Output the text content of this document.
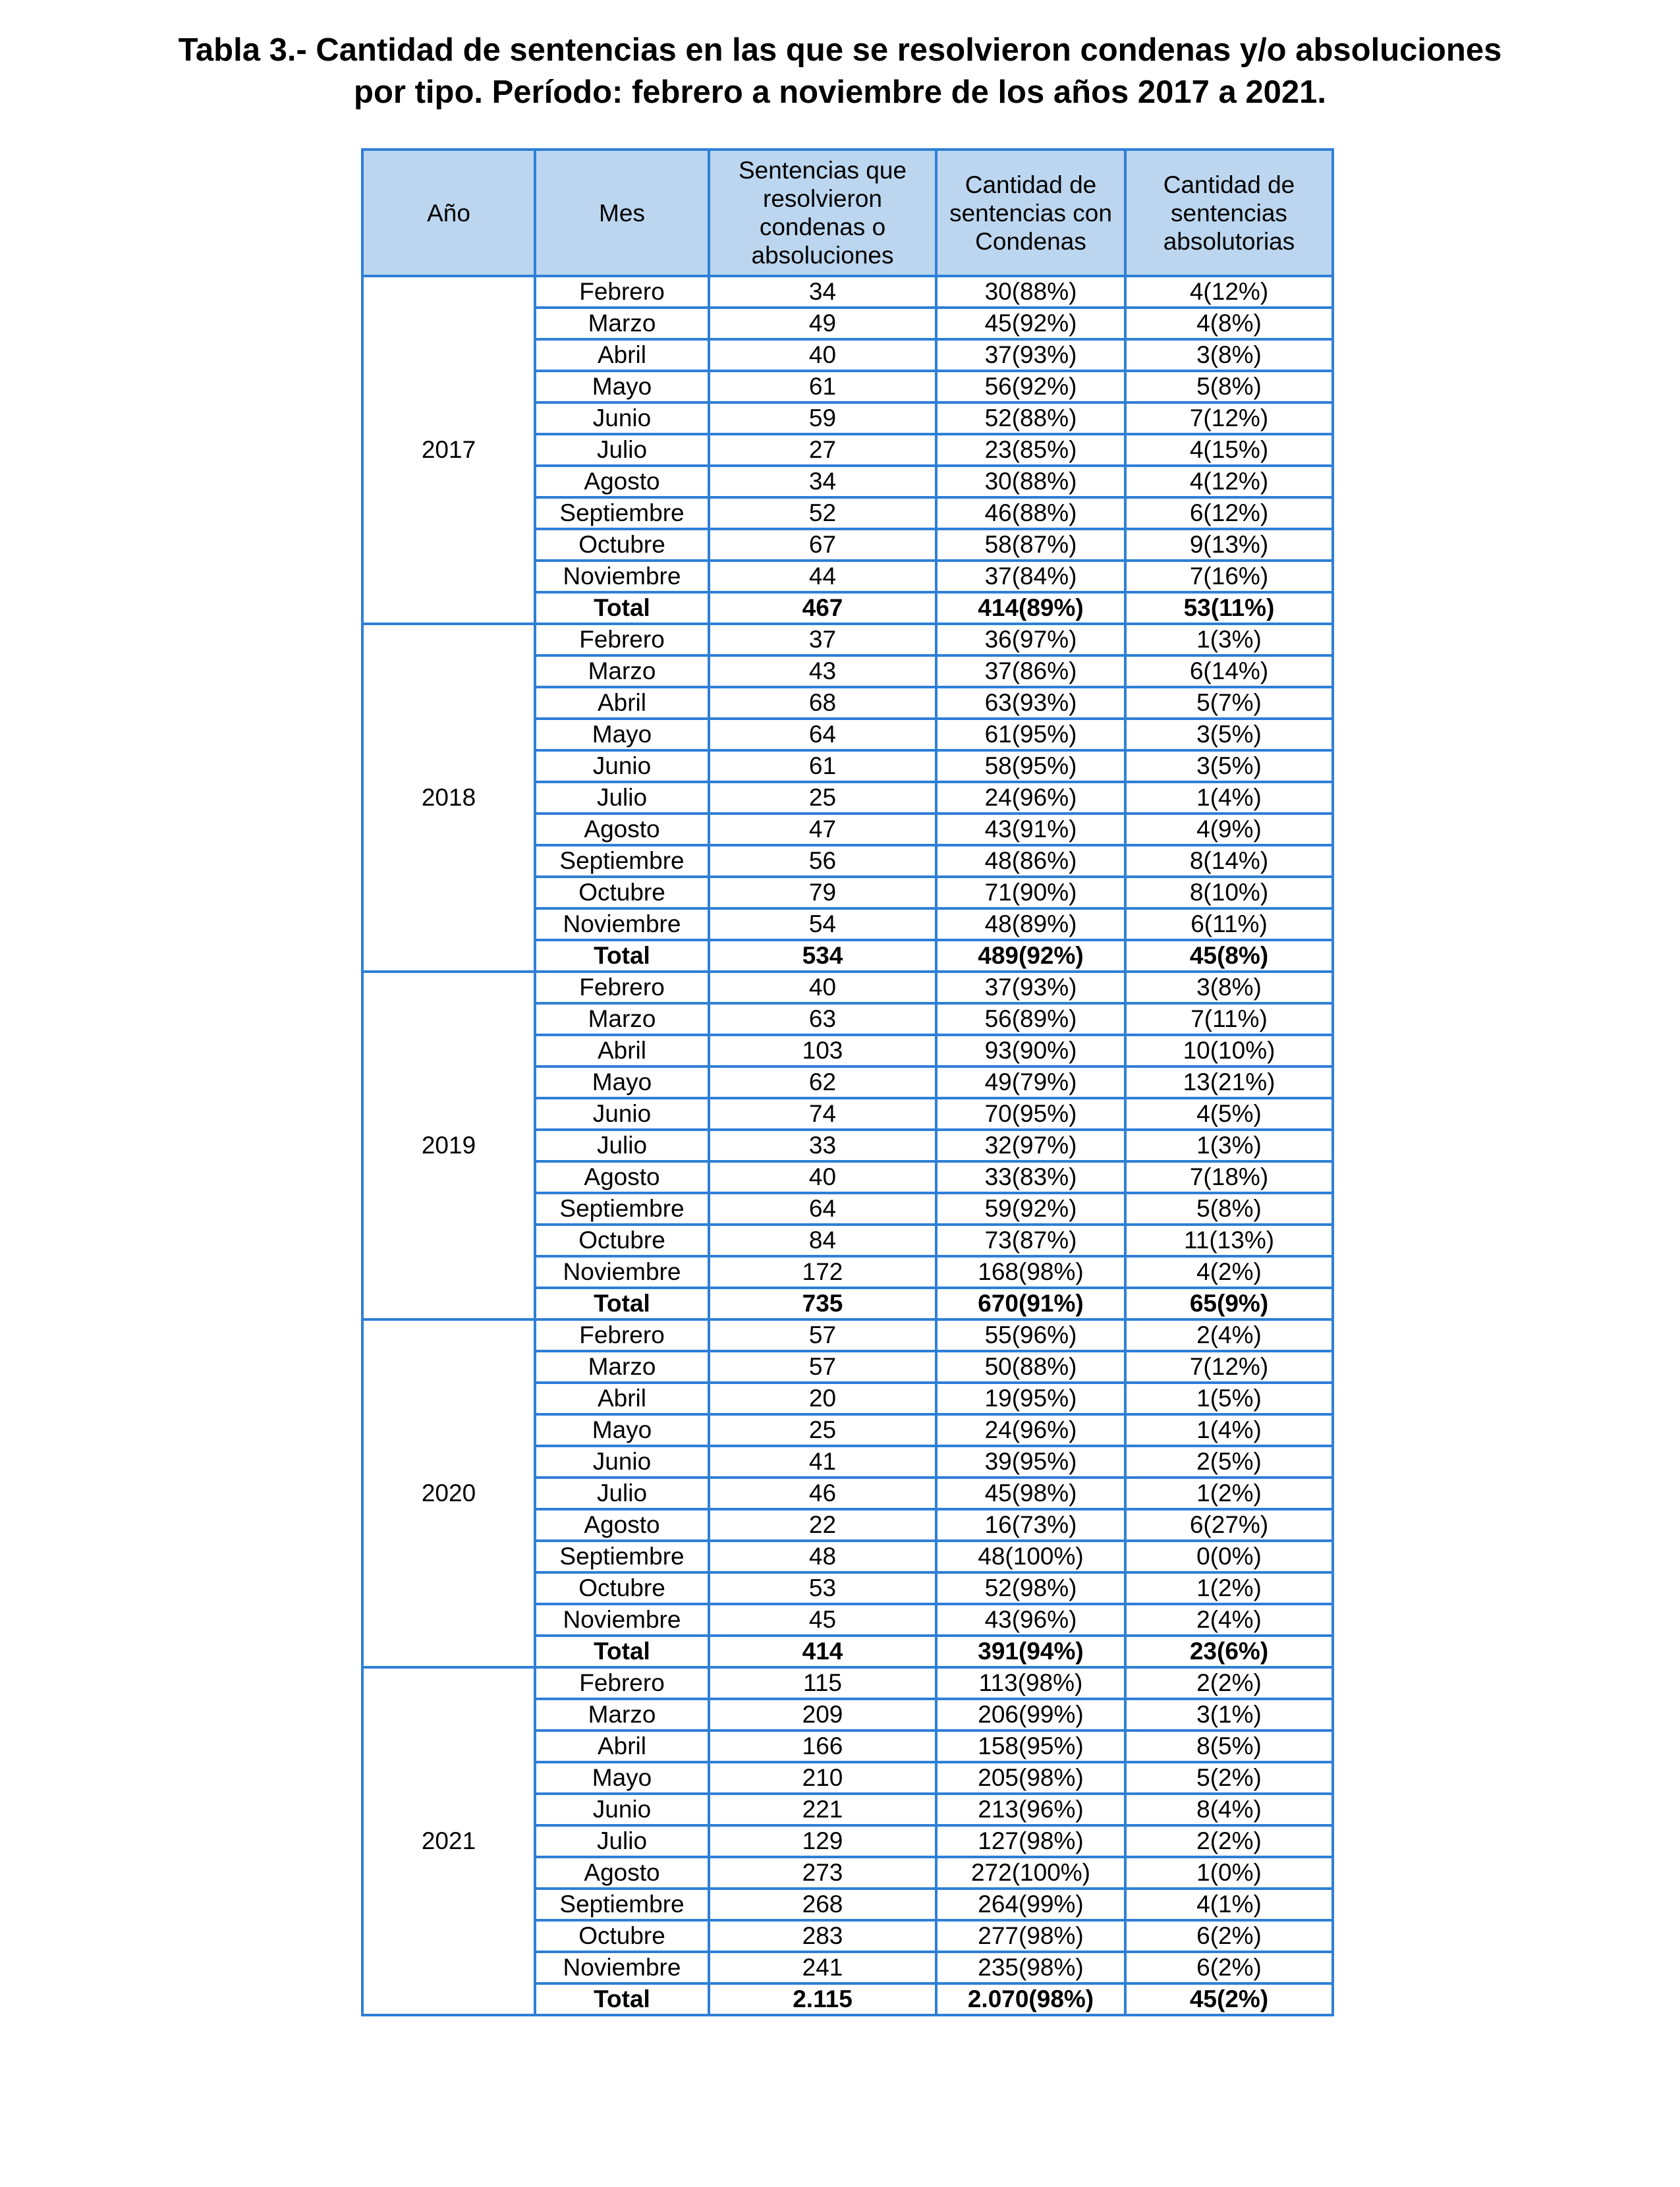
Tabla 3.- Cantidad de sentencias en las que se resolvieron condenas y/o absoluciones
por tipo. Período: febrero a noviembre de los años 2017 a 2021.
Año	Mes	Sentencias que resolvieron condenas o absoluciones	Cantidad de sentencias con Condenas	Cantidad de sentencias absolutorias
2017	Febrero	34	30(88%)	4(12%)
	Marzo	49	45(92%)	4(8%)
	Abril	40	37(93%)	3(8%)
	Mayo	61	56(92%)	5(8%)
	Junio	59	52(88%)	7(12%)
	Julio	27	23(85%)	4(15%)
	Agosto	34	30(88%)	4(12%)
	Septiembre	52	46(88%)	6(12%)
	Octubre	67	58(87%)	9(13%)
	Noviembre	44	37(84%)	7(16%)
	Total	467	414(89%)	53(11%)
2018	Febrero	37	36(97%)	1(3%)
	Marzo	43	37(86%)	6(14%)
	Abril	68	63(93%)	5(7%)
	Mayo	64	61(95%)	3(5%)
	Junio	61	58(95%)	3(5%)
	Julio	25	24(96%)	1(4%)
	Agosto	47	43(91%)	4(9%)
	Septiembre	56	48(86%)	8(14%)
	Octubre	79	71(90%)	8(10%)
	Noviembre	54	48(89%)	6(11%)
	Total	534	489(92%)	45(8%)
2019	Febrero	40	37(93%)	3(8%)
	Marzo	63	56(89%)	7(11%)
	Abril	103	93(90%)	10(10%)
	Mayo	62	49(79%)	13(21%)
	Junio	74	70(95%)	4(5%)
	Julio	33	32(97%)	1(3%)
	Agosto	40	33(83%)	7(18%)
	Septiembre	64	59(92%)	5(8%)
	Octubre	84	73(87%)	11(13%)
	Noviembre	172	168(98%)	4(2%)
	Total	735	670(91%)	65(9%)
2020	Febrero	57	55(96%)	2(4%)
	Marzo	57	50(88%)	7(12%)
	Abril	20	19(95%)	1(5%)
	Mayo	25	24(96%)	1(4%)
	Junio	41	39(95%)	2(5%)
	Julio	46	45(98%)	1(2%)
	Agosto	22	16(73%)	6(27%)
	Septiembre	48	48(100%)	0(0%)
	Octubre	53	52(98%)	1(2%)
	Noviembre	45	43(96%)	2(4%)
	Total	414	391(94%)	23(6%)
2021	Febrero	115	113(98%)	2(2%)
	Marzo	209	206(99%)	3(1%)
	Abril	166	158(95%)	8(5%)
	Mayo	210	205(98%)	5(2%)
	Junio	221	213(96%)	8(4%)
	Julio	129	127(98%)	2(2%)
	Agosto	273	272(100%)	1(0%)
	Septiembre	268	264(99%)	4(1%)
	Octubre	283	277(98%)	6(2%)
	Noviembre	241	235(98%)	6(2%)
	Total	2.115	2.070(98%)	45(2%)
